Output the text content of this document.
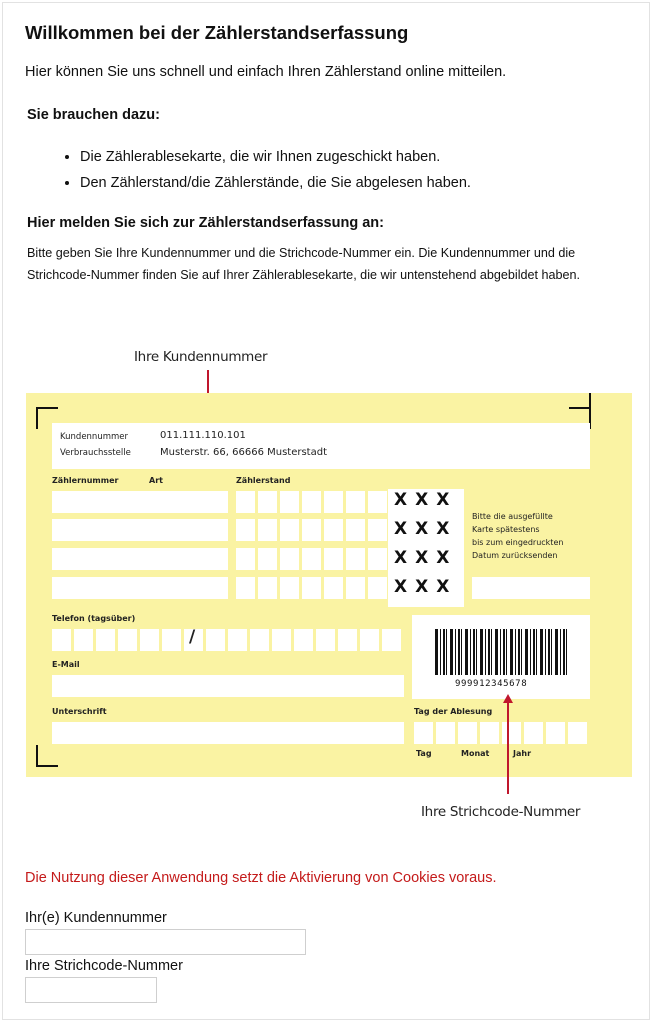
Willkommen bei der Zählerstandserfassung
Hier können Sie uns schnell und einfach Ihren Zählerstand online mitteilen.
Sie brauchen dazu:
• Die Zählerablesekarte, die wir Ihnen zugeschickt haben.
• Den Zählerstand/die Zählerstände, die Sie abgelesen haben.
Hier melden Sie sich zur Zählerstandserfassung an:
Bitte geben Sie Ihre Kundennummer und die Strichcode-Nummer ein. Die Kundennummer und die Strichcode-Nummer finden Sie auf Ihrer Zählerablesekarte, die wir untenstehend abgebildet haben.
Ihre Kundennummer
Kundennummer	011.111.110.101
Verbrauchsstelle	Musterstr. 66, 66666 Musterstadt
Zählernummer	Art	Zählerstand
XXX
XXX
XXX
XXX
Bitte die ausgefüllte
Karte spätestens
bis zum eingedruckten
Datum zurücksenden
Telefon (tagsüber)
/
E-Mail
999912345678
Unterschrift	Tag der Ablesung
Tag	Monat	Jahr
Ihre Strichcode-Nummer
Die Nutzung dieser Anwendung setzt die Aktivierung von Cookies voraus.
Ihr(e) Kundennummer
Ihre Strichcode-Nummer
